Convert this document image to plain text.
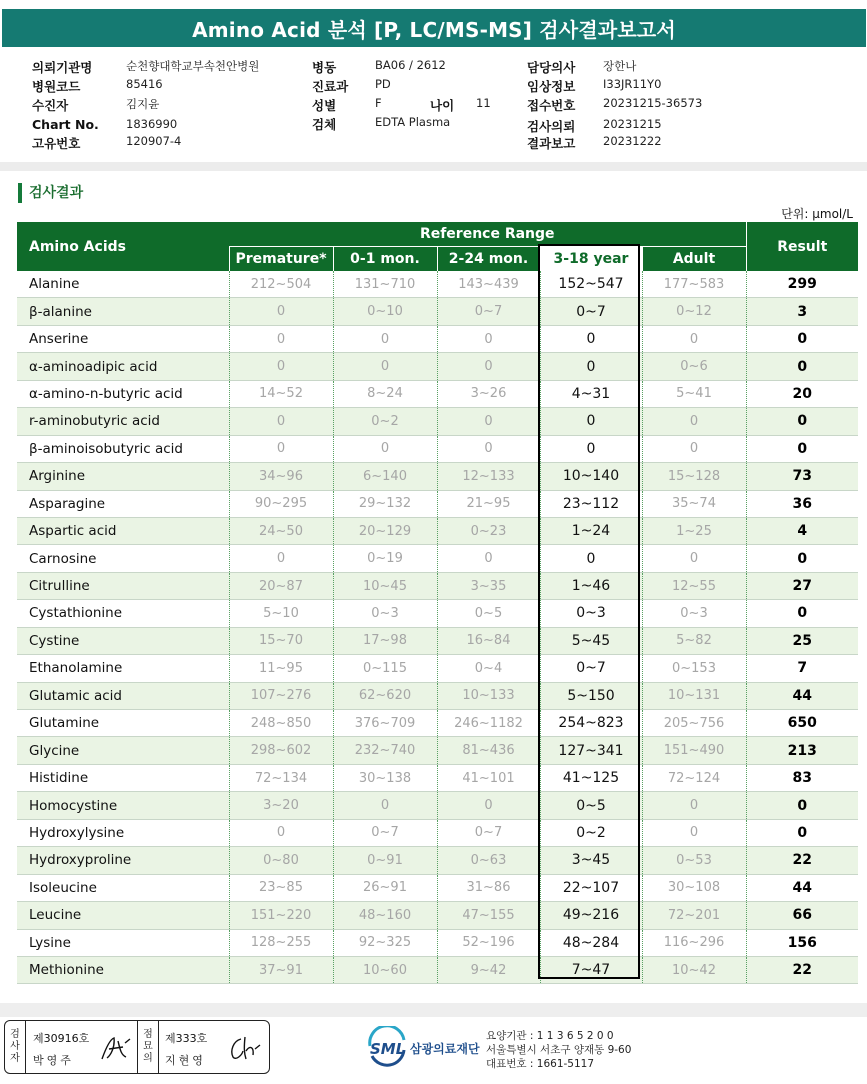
Amino Acid 분석 [P, LC/MS-MS] 검사결과보고서
의뢰기관명	순천향대학교부속천안병원
병원코드	85416
수진자	김지윤
Chart No. 1836990
고유번호	120907-4
병동	BA06 / 2612
진료과 PD
성별	F	나이 11
검체	EDTA Plasma
담당의사 장한나
임상정보 I33JR11Y0
접수번호 20231215-36573
검사의뢰 20231215
결과보고 20231222
검사결과
단위: μmol/L
Amino Acids	Reference Range					Result
	Premature*	0-1 mon.	2-24 mon.	3-18 year	Adult	
Alanine	212~504	131~710	143~439	152~547	177~583	299
β-alanine	0	0~10	0~7	0~7	0~12	3
Anserine	0	0	0	0	0	0
α-aminoadipic acid	0	0	0	0	0~6	0
α-amino-n-butyric acid	14~52	8~24	3~26	4~31	5~41	20
r-aminobutyric acid	0	0~2	0	0	0	0
β-aminoisobutyric acid	0	0	0	0	0	0
Arginine	34~96	6~140	12~133	10~140	15~128	73
Asparagine	90~295	29~132	21~95	23~112	35~74	36
Aspartic acid	24~50	20~129	0~23	1~24	1~25	4
Carnosine	0	0~19	0	0	0	0
Citrulline	20~87	10~45	3~35	1~46	12~55	27
Cystathionine	5~10	0~3	0~5	0~3	0~3	0
Cystine	15~70	17~98	16~84	5~45	5~82	25
Ethanolamine	11~95	0~115	0~4	0~7	0~153	7
Glutamic acid	107~276	62~620	10~133	5~150	10~131	44
Glutamine	248~850	376~709	246~1182	254~823	205~756	650
Glycine	298~602	232~740	81~436	127~341	151~490	213
Histidine	72~134	30~138	41~101	41~125	72~124	83
Homocystine	3~20	0	0	0~5	0	0
Hydroxylysine	0	0~7	0~7	0~2	0	0
Hydroxyproline	0~80	0~91	0~63	3~45	0~53	22
Isoleucine	23~85	26~91	31~86	22~107	30~108	44
Leucine	151~220	48~160	47~155	49~216	72~201	66
Lysine	128~255	92~325	52~196	48~284	116~296	156
Methionine	37~91	10~60	9~42	7~47	10~42	22
검
사
자
제30916호
박영주
점
묘
의
제333호
지현영
SML 삼광의료재단
요양기관 : 1 1 3 6 5 2 0 0
서울특별시 서초구 양재동 9-60
대표번호 : 1661-5117
